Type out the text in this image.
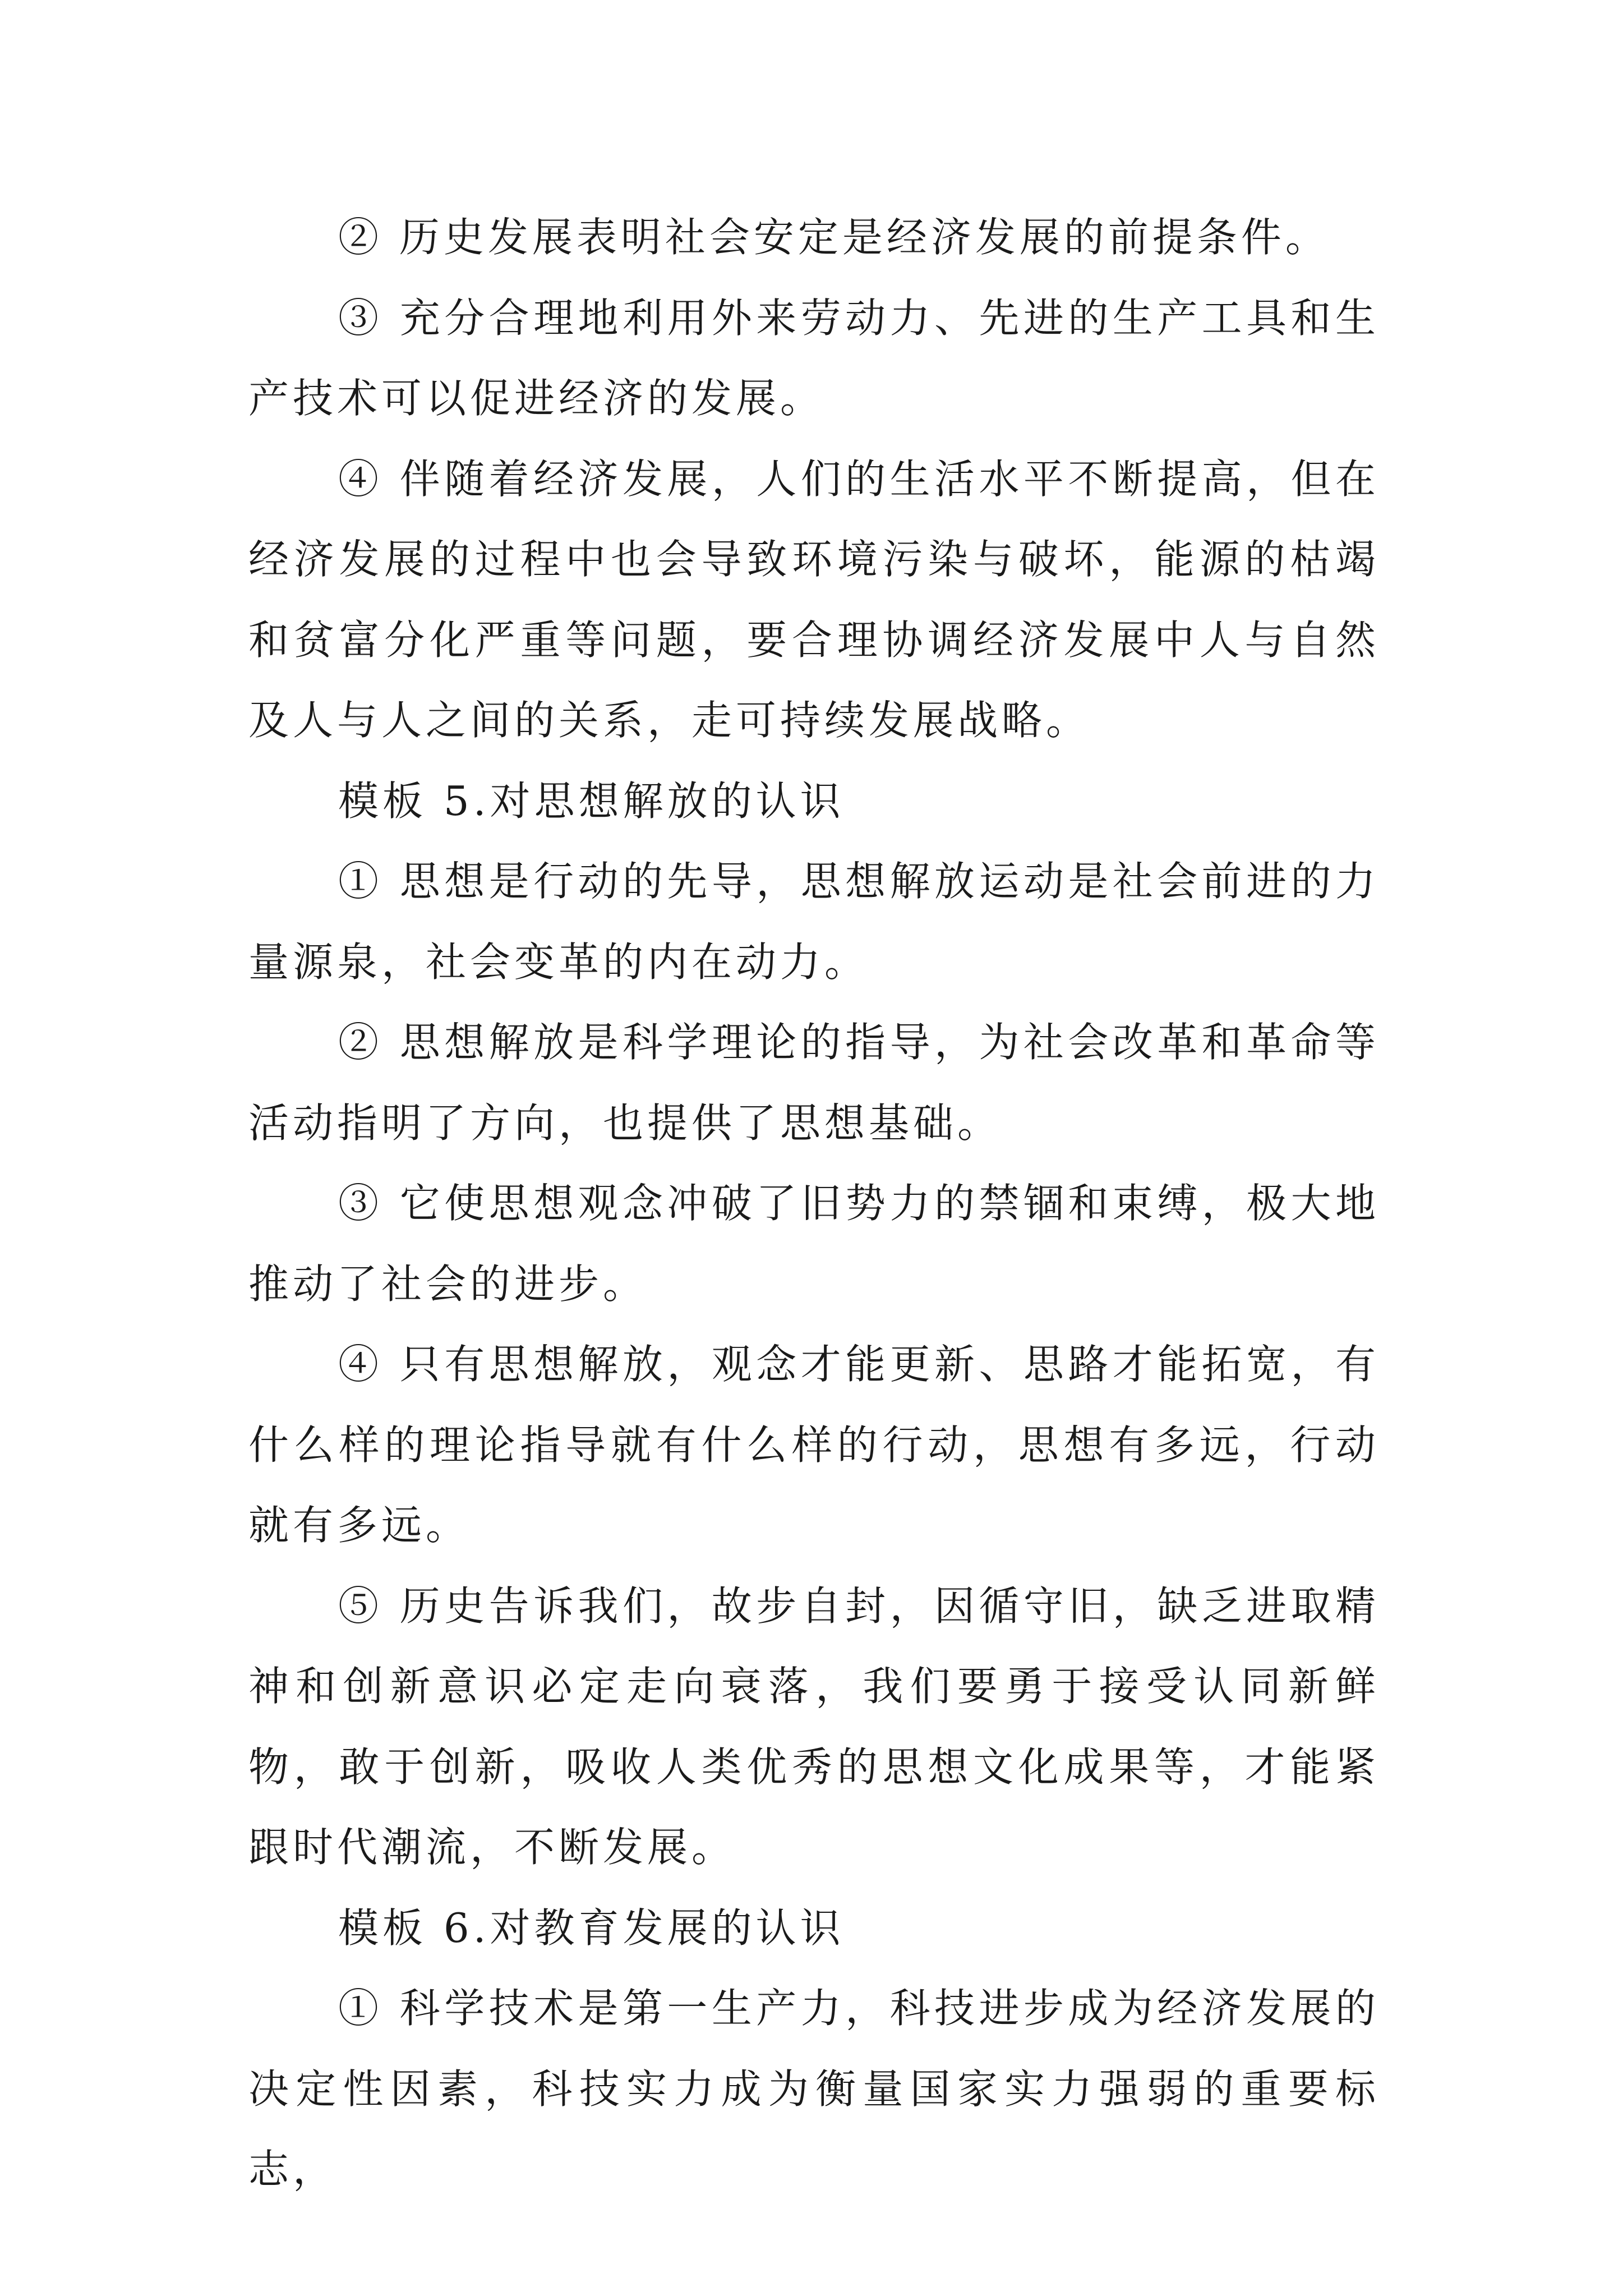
② 历史发展表明社会安定是经济发展的前提条件。

③ 充分合理地利用外来劳动力、先进的生产工具和生产技术可以促进经济的发展。

④ 伴随着经济发展，人们的生活水平不断提高，但在经济发展的过程中也会导致环境污染与破坏，能源的枯竭和贫富分化严重等问题，要合理协调经济发展中人与自然及人与人之间的关系，走可持续发展战略。

模板 5.对思想解放的认识

① 思想是行动的先导，思想解放运动是社会前进的力量源泉，社会变革的内在动力。

② 思想解放是科学理论的指导，为社会改革和革命等活动指明了方向，也提供了思想基础。

③ 它使思想观念冲破了旧势力的禁锢和束缚，极大地推动了社会的进步。

④ 只有思想解放，观念才能更新、思路才能拓宽，有什么样的理论指导就有什么样的行动，思想有多远，行动就有多远。

⑤ 历史告诉我们，故步自封，因循守旧，缺乏进取精神和创新意识必定走向衰落，我们要勇于接受认同新鲜物，敢于创新，吸收人类优秀的思想文化成果等，才能紧跟时代潮流，不断发展。

模板 6.对教育发展的认识

① 科学技术是第一生产力，科技进步成为经济发展的决定性因素，科技实力成为衡量国家实力强弱的重要标志，
